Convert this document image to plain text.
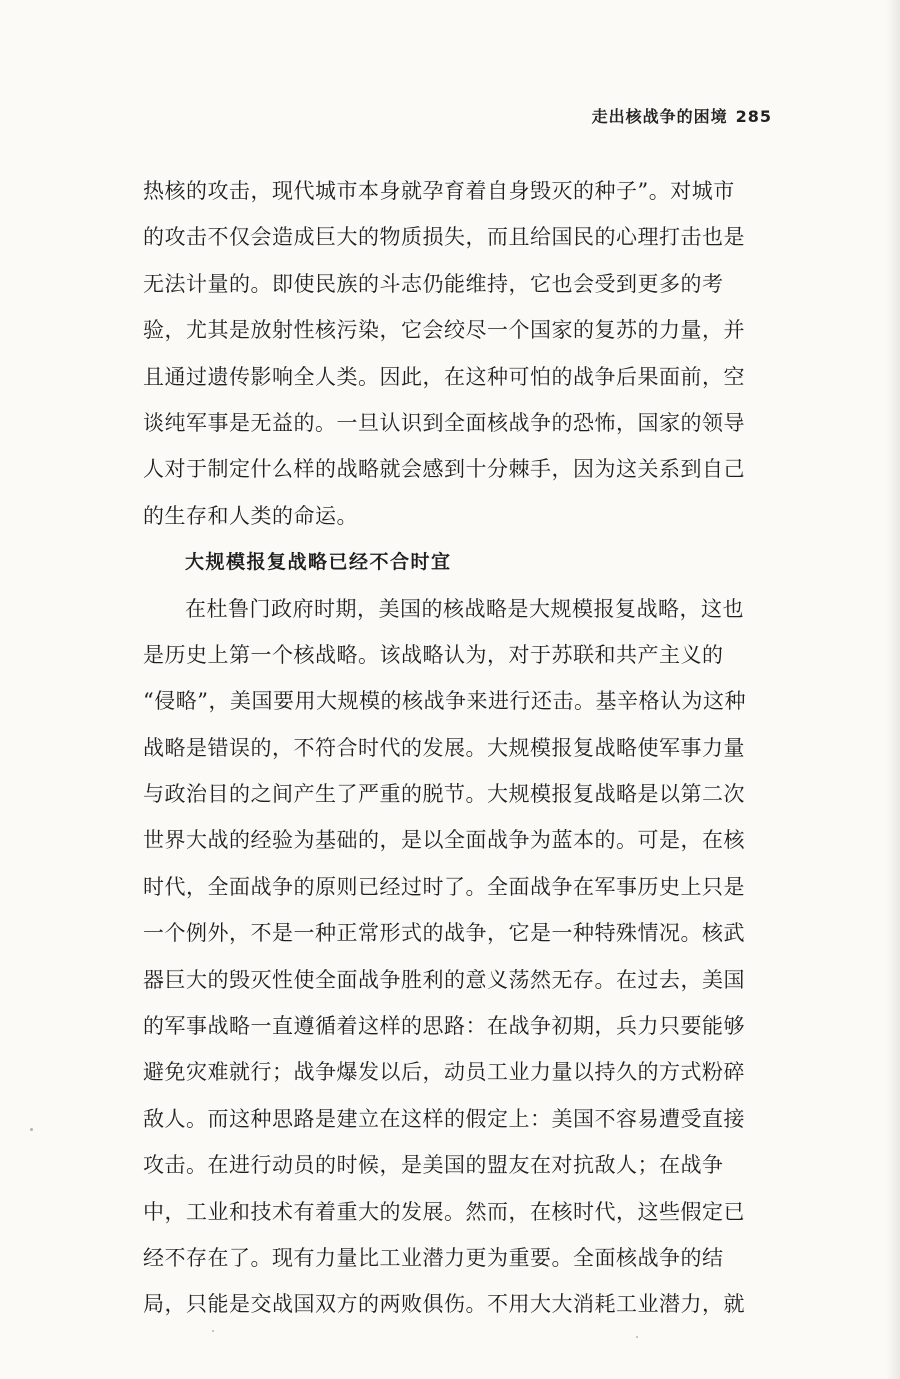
走出核战争的困境 285
热核的攻击，现代城市本身就孕育着自身毁灭的种子”。对城市
的攻击不仅会造成巨大的物质损失，而且给国民的心理打击也是
无法计量的。即使民族的斗志仍能维持，它也会受到更多的考
验，尤其是放射性核污染，它会绞尽一个国家的复苏的力量，并
且通过遗传影响全人类。因此，在这种可怕的战争后果面前，空
谈纯军事是无益的。一旦认识到全面核战争的恐怖，国家的领导
人对于制定什么样的战略就会感到十分棘手，因为这关系到自己
的生存和人类的命运。
大规模报复战略已经不合时宜
在杜鲁门政府时期，美国的核战略是大规模报复战略，这也
是历史上第一个核战略。该战略认为，对于苏联和共产主义的
“侵略”，美国要用大规模的核战争来进行还击。基辛格认为这种
战略是错误的，不符合时代的发展。大规模报复战略使军事力量
与政治目的之间产生了严重的脱节。大规模报复战略是以第二次
世界大战的经验为基础的，是以全面战争为蓝本的。可是，在核
时代，全面战争的原则已经过时了。全面战争在军事历史上只是
一个例外，不是一种正常形式的战争，它是一种特殊情况。核武
器巨大的毁灭性使全面战争胜利的意义荡然无存。在过去，美国
的军事战略一直遵循着这样的思路：在战争初期，兵力只要能够
避免灾难就行；战争爆发以后，动员工业力量以持久的方式粉碎
敌人。而这种思路是建立在这样的假定上：美国不容易遭受直接
攻击。在进行动员的时候，是美国的盟友在对抗敌人；在战争
中，工业和技术有着重大的发展。然而，在核时代，这些假定已
经不存在了。现有力量比工业潜力更为重要。全面核战争的结
局，只能是交战国双方的两败俱伤。不用大大消耗工业潜力，就
